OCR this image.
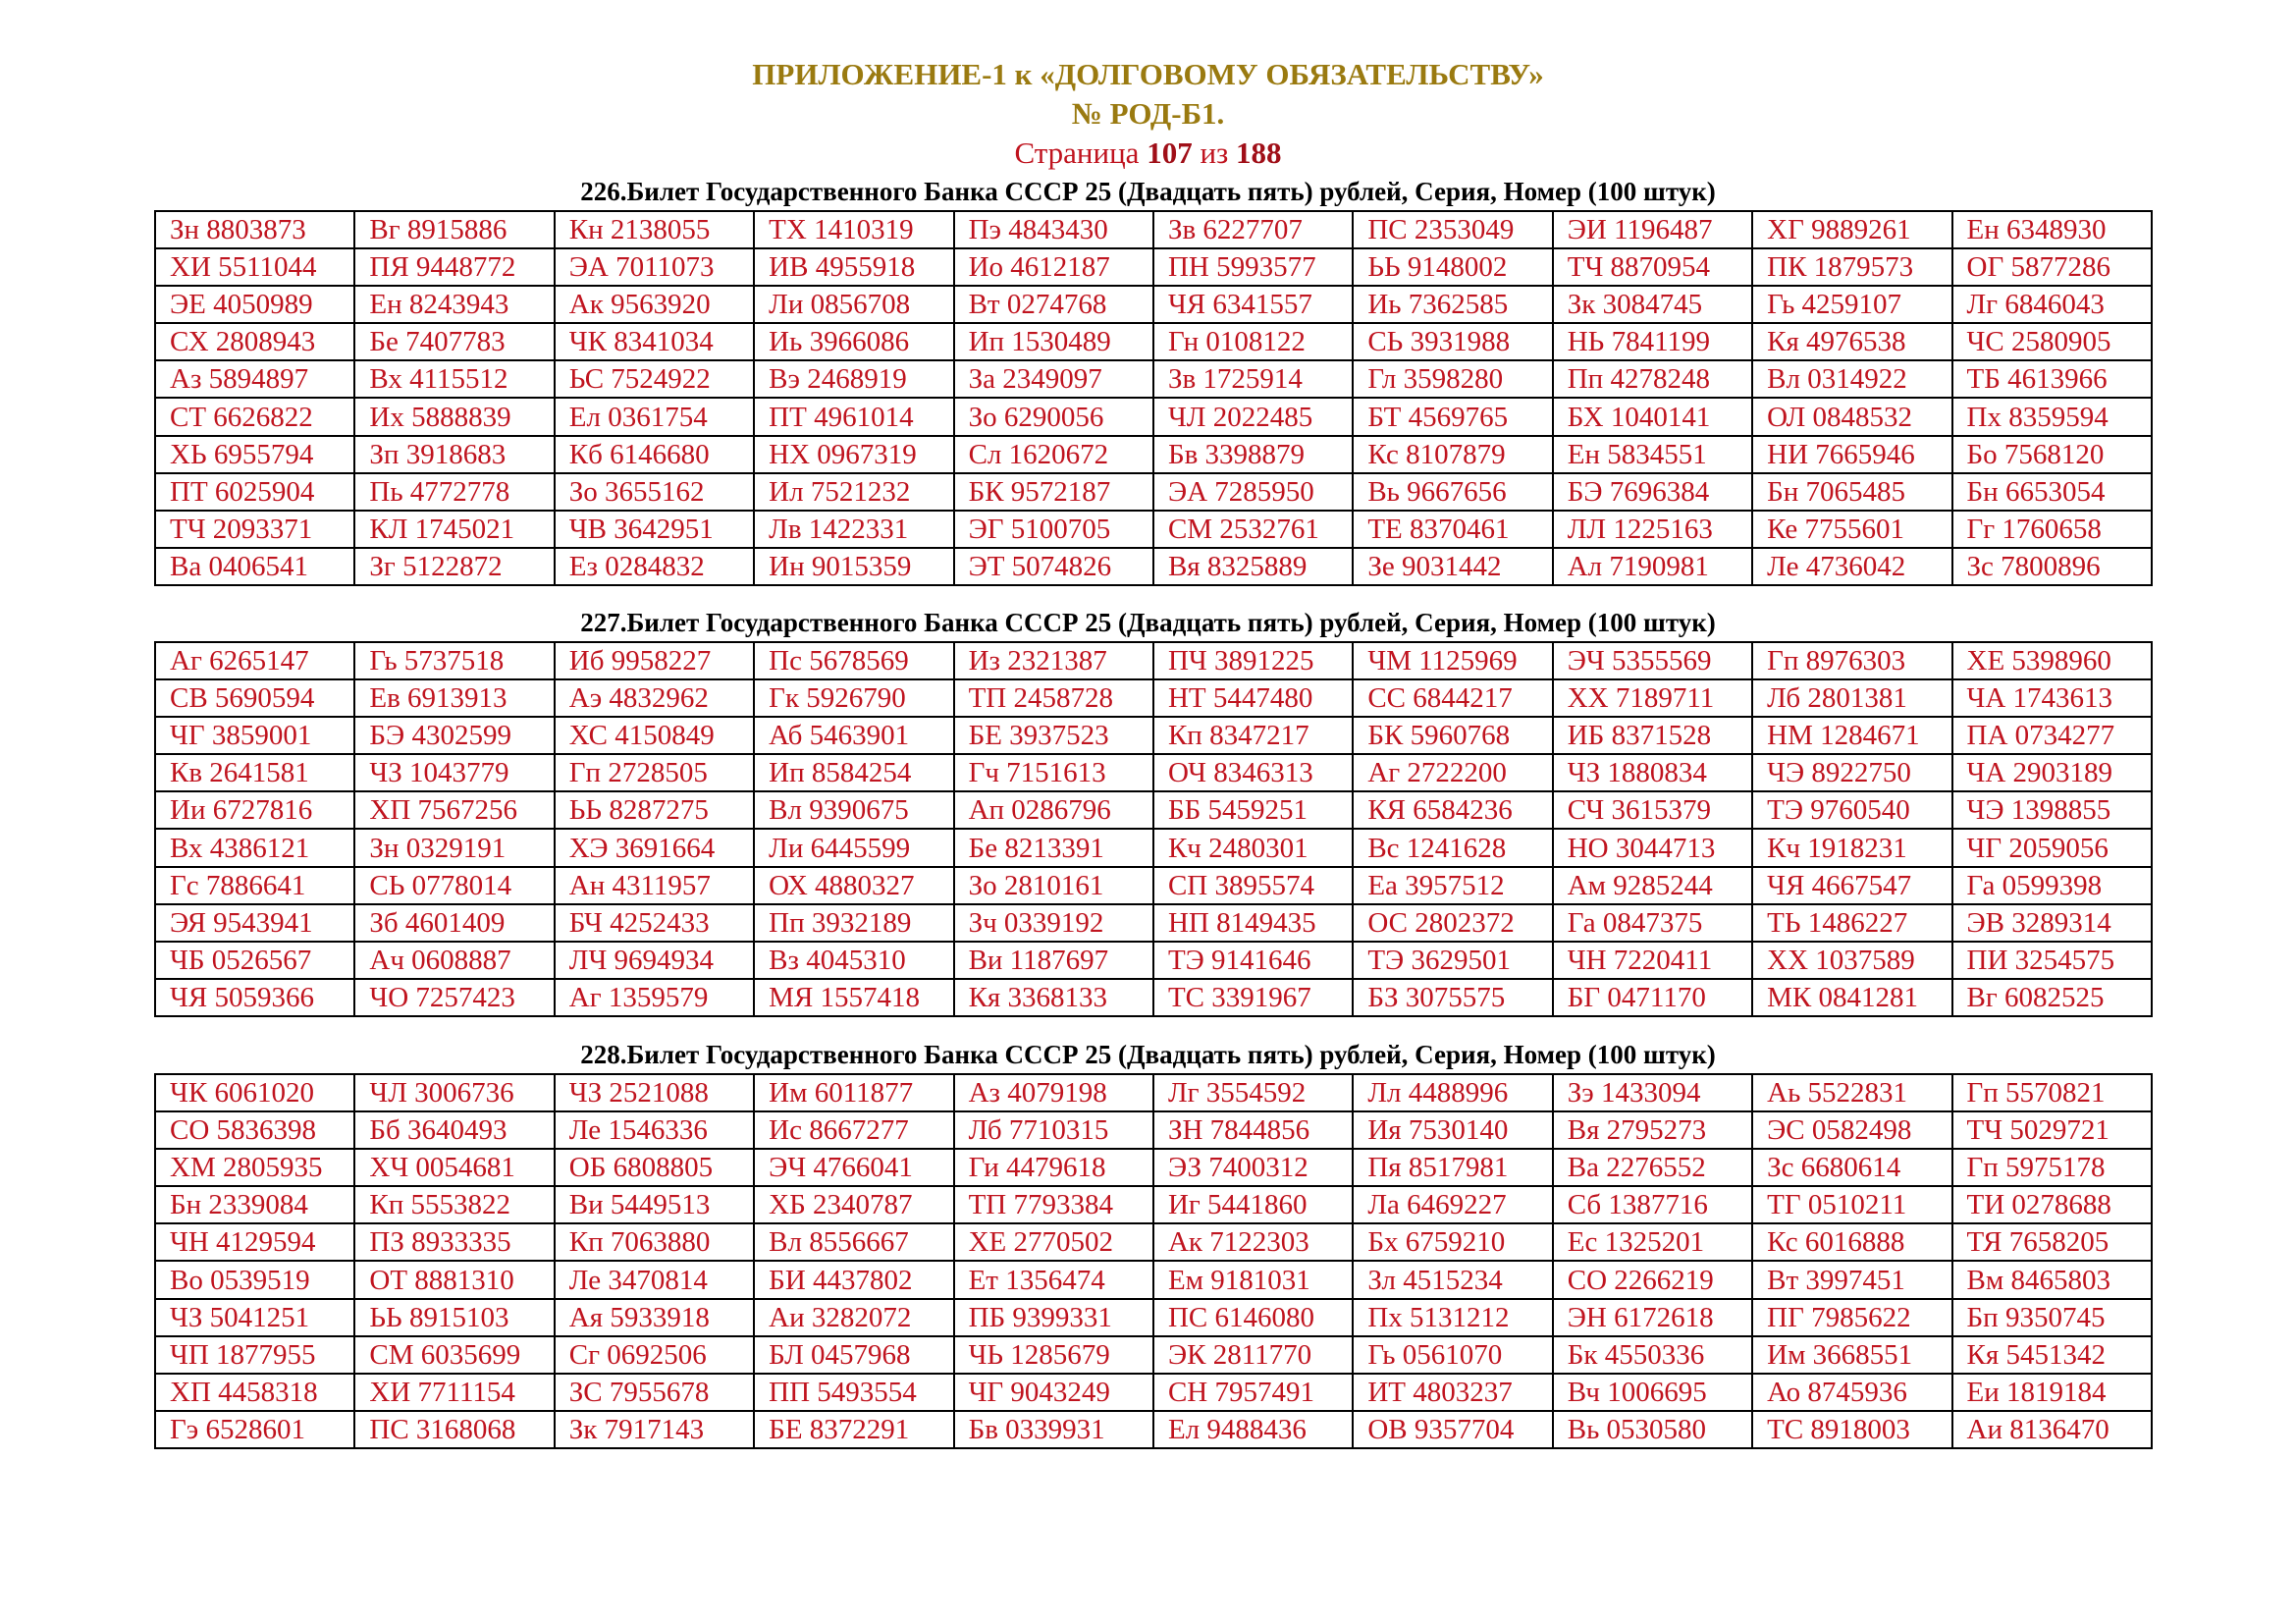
ПРИЛОЖЕНИЕ-1 к «ДОЛГОВОМУ ОБЯЗАТЕЛЬСТВУ»
№ РОД-Б1.
Страница 107 из 188
226.Билет Государственного Банка СССР 25 (Двадцать пять) рублей, Серия, Номер (100 штук)
Зн 8803873	Вг 8915886	Кн 2138055	ТХ 1410319	Пэ 4843430	Зв 6227707	ПС 2353049	ЭИ 1196487	ХГ 9889261	Ен 6348930
ХИ 5511044	ПЯ 9448772	ЭА 7011073	ИВ 4955918	Ио 4612187	ПН 5993577	ЬЬ 9148002	ТЧ 8870954	ПК 1879573	ОГ 5877286
ЭЕ 4050989	Ен 8243943	Ак 9563920	Ли 0856708	Вт 0274768	ЧЯ 6341557	Иь 7362585	Зк 3084745	Гь 4259107	Лг 6846043
СХ 2808943	Бе 7407783	ЧК 8341034	Иь 3966086	Ип 1530489	Гн 0108122	СЬ 3931988	НЬ 7841199	Кя 4976538	ЧС 2580905
Аз 5894897	Вх 4115512	ЬС 7524922	Вэ 2468919	За 2349097	Зв 1725914	Гл 3598280	Пп 4278248	Вл 0314922	ТБ 4613966
СТ 6626822	Их 5888839	Ел 0361754	ПТ 4961014	Зо 6290056	ЧЛ 2022485	БТ 4569765	БХ 1040141	ОЛ 0848532	Пх 8359594
ХЬ 6955794	Зп 3918683	Кб 6146680	НХ 0967319	Сл 1620672	Бв 3398879	Кс 8107879	Ен 5834551	НИ 7665946	Бо 7568120
ПТ 6025904	Пь 4772778	Зо 3655162	Ил 7521232	БК 9572187	ЭА 7285950	Вь 9667656	БЭ 7696384	Бн 7065485	Бн 6653054
ТЧ 2093371	КЛ 1745021	ЧВ 3642951	Лв 1422331	ЭГ 5100705	СМ 2532761	ТЕ 8370461	ЛЛ 1225163	Ке 7755601	Гг 1760658
Ва 0406541	Зг 5122872	Ез 0284832	Ин 9015359	ЭТ 5074826	Вя 8325889	Зе 9031442	Ал 7190981	Ле 4736042	Зс 7800896
227.Билет Государственного Банка СССР 25 (Двадцать пять) рублей, Серия, Номер (100 штук)
Аг 6265147	Гь 5737518	Иб 9958227	Пс 5678569	Из 2321387	ПЧ 3891225	ЧМ 1125969	ЭЧ 5355569	Гп 8976303	ХЕ 5398960
СВ 5690594	Ев 6913913	Аэ 4832962	Гк 5926790	ТП 2458728	НТ 5447480	СС 6844217	ХХ 7189711	Лб 2801381	ЧА 1743613
ЧГ 3859001	БЭ 4302599	ХС 4150849	Аб 5463901	БЕ 3937523	Кп 8347217	БК 5960768	ИБ 8371528	НМ 1284671	ПА 0734277
Кв 2641581	ЧЗ 1043779	Гп 2728505	Ип 8584254	Гч 7151613	ОЧ 8346313	Аг 2722200	ЧЗ 1880834	ЧЭ 8922750	ЧА 2903189
Ии 6727816	ХП 7567256	ЬЬ 8287275	Вл 9390675	Ап 0286796	ББ 5459251	КЯ 6584236	СЧ 3615379	ТЭ 9760540	ЧЭ 1398855
Вх 4386121	Зн 0329191	ХЭ 3691664	Ли 6445599	Бе 8213391	Кч 2480301	Вс 1241628	НО 3044713	Кч 1918231	ЧГ 2059056
Гс 7886641	СЬ 0778014	Ан 4311957	ОХ 4880327	Зо 2810161	СП 3895574	Еа 3957512	Ам 9285244	ЧЯ 4667547	Га 0599398
ЭЯ 9543941	Зб 4601409	БЧ 4252433	Пп 3932189	Зч 0339192	НП 8149435	ОС 2802372	Га 0847375	ТЬ 1486227	ЭВ 3289314
ЧБ 0526567	Ач 0608887	ЛЧ 9694934	Вз 4045310	Ви 1187697	ТЭ 9141646	ТЭ 3629501	ЧН 7220411	ХХ 1037589	ПИ 3254575
ЧЯ 5059366	ЧО 7257423	Аг 1359579	МЯ 1557418	Кя 3368133	ТС 3391967	БЗ 3075575	БГ 0471170	МК 0841281	Вг 6082525
228.Билет Государственного Банка СССР 25 (Двадцать пять) рублей, Серия, Номер (100 штук)
ЧК 6061020	ЧЛ 3006736	ЧЗ 2521088	Им 6011877	Аз 4079198	Лг 3554592	Лл 4488996	Зэ 1433094	Аь 5522831	Гп 5570821
СО 5836398	Бб 3640493	Ле 1546336	Ис 8667277	Лб 7710315	ЗН 7844856	Ия 7530140	Вя 2795273	ЭС 0582498	ТЧ 5029721
ХМ 2805935	ХЧ 0054681	ОБ 6808805	ЭЧ 4766041	Ги 4479618	ЭЗ 7400312	Пя 8517981	Ва 2276552	Зс 6680614	Гп 5975178
Бн 2339084	Кп 5553822	Ви 5449513	ХБ 2340787	ТП 7793384	Иг 5441860	Ла 6469227	Сб 1387716	ТГ 0510211	ТИ 0278688
ЧН 4129594	ПЗ 8933335	Кп 7063880	Вл 8556667	ХЕ 2770502	Ак 7122303	Бх 6759210	Ес 1325201	Кс 6016888	ТЯ 7658205
Во 0539519	ОТ 8881310	Ле 3470814	БИ 4437802	Ет 1356474	Ем 9181031	Зл 4515234	СО 2266219	Вт 3997451	Вм 8465803
ЧЗ 5041251	ЬЬ 8915103	Ая 5933918	Аи 3282072	ПБ 9399331	ПС 6146080	Пх 5131212	ЭН 6172618	ПГ 7985622	Бп 9350745
ЧП 1877955	СМ 6035699	Сг 0692506	БЛ 0457968	ЧЬ 1285679	ЭК 2811770	Гь 0561070	Бк 4550336	Им 3668551	Кя 5451342
ХП 4458318	ХИ 7711154	ЗС 7955678	ПП 5493554	ЧГ 9043249	СН 7957491	ИТ 4803237	Вч 1006695	Ао 8745936	Еи 1819184
Гэ 6528601	ПС 3168068	Зк 7917143	БЕ 8372291	Бв 0339931	Ел 9488436	ОВ 9357704	Вь 0530580	ТС 8918003	Аи 8136470
